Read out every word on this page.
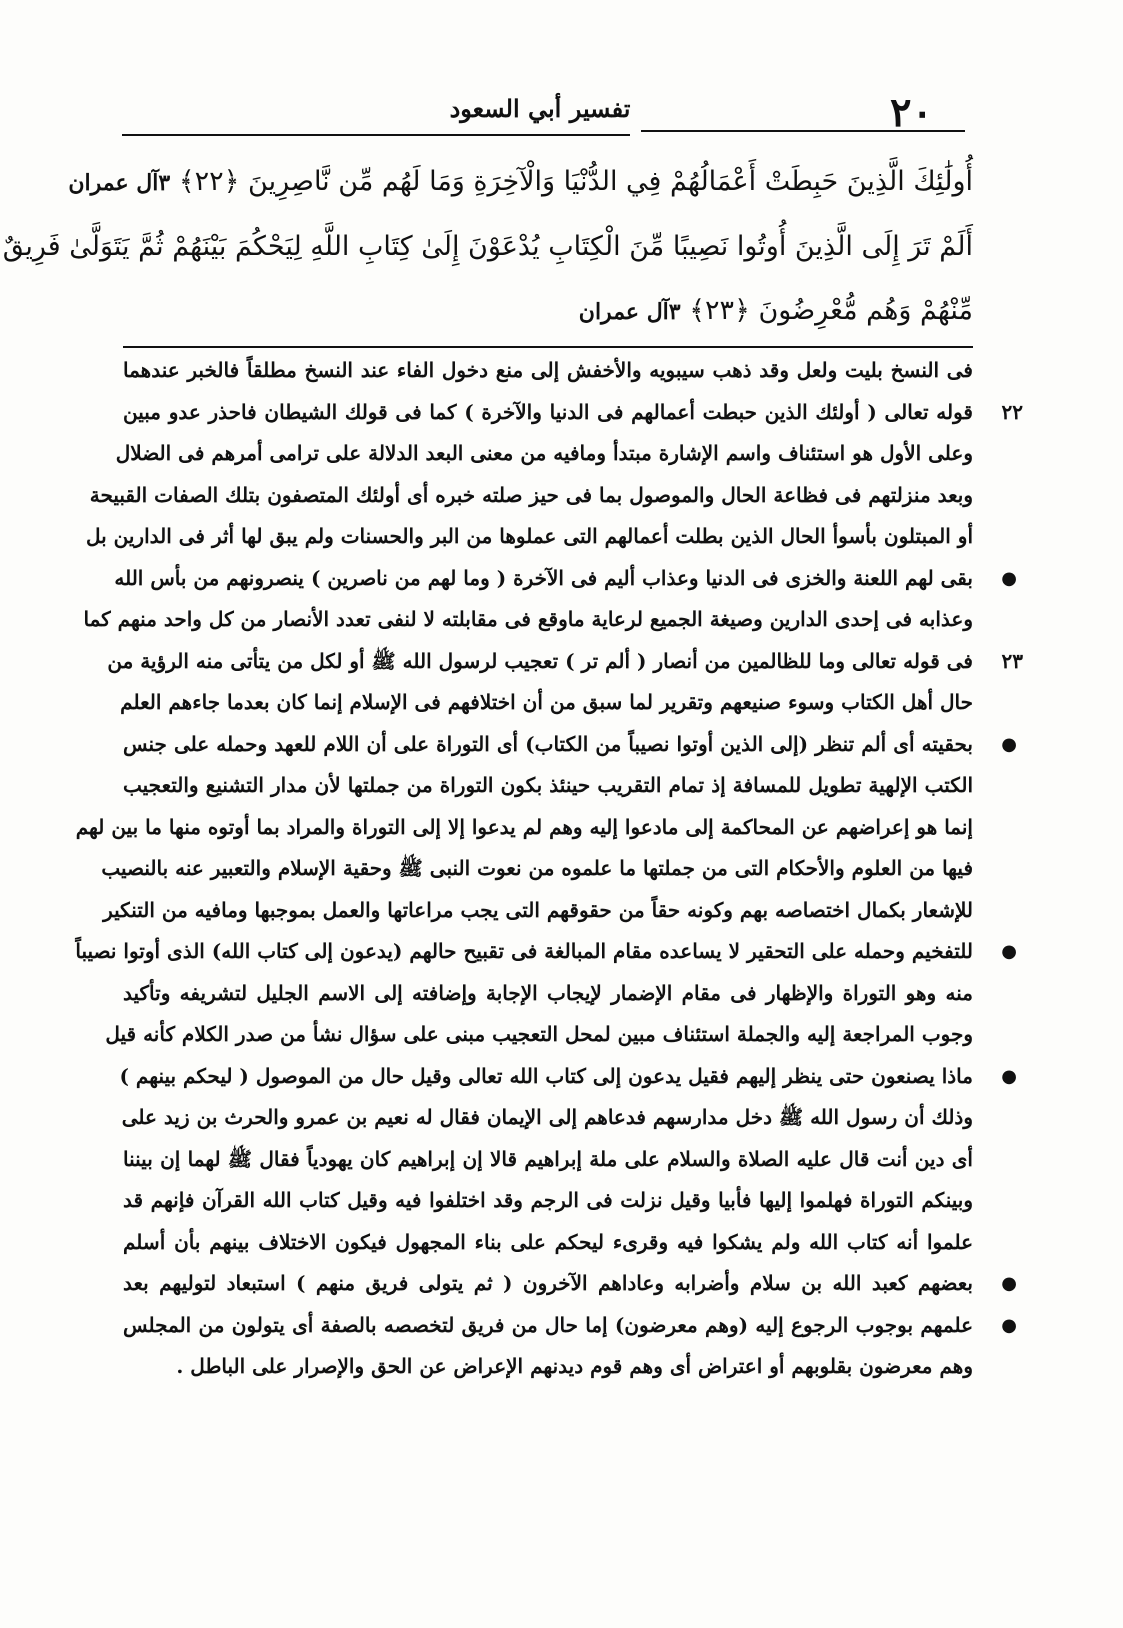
٢٠
تفسير أبي السعود
أُولَٰئِكَ الَّذِينَ حَبِطَتْ أَعْمَالُهُمْ فِي الدُّنْيَا وَالْآخِرَةِ وَمَا لَهُم مِّن نَّاصِرِينَ ﴿٢٢﴾ ٣آل عمران
أَلَمْ تَرَ إِلَى الَّذِينَ أُوتُوا نَصِيبًا مِّنَ الْكِتَابِ يُدْعَوْنَ إِلَىٰ كِتَابِ اللَّهِ لِيَحْكُمَ بَيْنَهُمْ ثُمَّ يَتَوَلَّىٰ فَرِيقٌ
مِّنْهُمْ وَهُم مُّعْرِضُونَ ﴿٢٣﴾ ٣آل عمران
فى النسخ بليت ولعل وقد ذهب سيبويه والأخفش إلى منع دخول الفاء عند النسخ مطلقاً فالخبر عندهما
٢٢
قوله تعالى ( أولئك الذين حبطت أعمالهم فى الدنيا والآخرة ) كما فى قولك الشيطان فاحذر عدو مبين
وعلى الأول هو استئناف واسم الإشارة مبتدأ ومافيه من معنى البعد الدلالة على ترامى أمرهم فى الضلال
وبعد منزلتهم فى فظاعة الحال والموصول بما فى حيز صلته خبره أى أولئك المتصفون بتلك الصفات القبيحة
أو المبتلون بأسوأ الحال الذين بطلت أعمالهم التى عملوها من البر والحسنات ولم يبق لها أثر فى الدارين بل
●
بقى لهم اللعنة والخزى فى الدنيا وعذاب أليم فى الآخرة ( وما لهم من ناصرين ) ينصرونهم من بأس الله
وعذابه فى إحدى الدارين وصيغة الجميع لرعاية ماوقع فى مقابلته لا لنفى تعدد الأنصار من كل واحد منهم كما
٢٣
فى قوله تعالى وما للظالمين من أنصار ( ألم تر ) تعجيب لرسول الله ﷺ أو لكل من يتأتى منه الرؤية من
حال أهل الكتاب وسوء صنيعهم وتقرير لما سبق من أن اختلافهم فى الإسلام إنما كان بعدما جاءهم العلم
●
بحقيته أى ألم تنظر (إلى الذين أوتوا نصيباً من الكتاب) أى التوراة على أن اللام للعهد وحمله على جنس
الكتب الإلهية تطويل للمسافة إذ تمام التقريب حينئذ بكون التوراة من جملتها لأن مدار التشنيع والتعجيب
إنما هو إعراضهم عن المحاكمة إلى مادعوا إليه وهم لم يدعوا إلا إلى التوراة والمراد بما أوتوه منها ما بين لهم
فيها من العلوم والأحكام التى من جملتها ما علموه من نعوت النبى ﷺ وحقية الإسلام والتعبير عنه بالنصيب
للإشعار بكمال اختصاصه بهم وكونه حقاً من حقوقهم التى يجب مراعاتها والعمل بموجبها ومافيه من التنكير
●
للتفخيم وحمله على التحقير لا يساعده مقام المبالغة فى تقبيح حالهم (يدعون إلى كتاب الله) الذى أوتوا نصيباً
منه وهو التوراة والإظهار فى مقام الإضمار لإيجاب الإجابة وإضافته إلى الاسم الجليل لتشريفه وتأكيد
وجوب المراجعة إليه والجملة استئناف مبين لمحل التعجيب مبنى على سؤال نشأ من صدر الكلام كأنه قيل
●
ماذا يصنعون حتى ينظر إليهم فقيل يدعون إلى كتاب الله تعالى وقيل حال من الموصول ( ليحكم بينهم )
وذلك أن رسول الله ﷺ دخل مدارسهم فدعاهم إلى الإيمان فقال له نعيم بن عمرو والحرث بن زيد على
أى دين أنت قال عليه الصلاة والسلام على ملة إبراهيم قالا إن إبراهيم كان يهودياً فقال ﷺ لهما إن بيننا
وبينكم التوراة فهلموا إليها فأبيا وقيل نزلت فى الرجم وقد اختلفوا فيه وقيل كتاب الله القرآن فإنهم قد
علموا أنه كتاب الله ولم يشكوا فيه وقرىء ليحكم على بناء المجهول فيكون الاختلاف بينهم بأن أسلم
●
بعضهم كعبد الله بن سلام وأضرابه وعاداهم الآخرون ( ثم يتولى فريق منهم ) استبعاد لتوليهم بعد
●
علمهم بوجوب الرجوع إليه (وهم معرضون) إما حال من فريق لتخصصه بالصفة أى يتولون من المجلس
وهم معرضون بقلوبهم أو اعتراض أى وهم قوم ديدنهم الإعراض عن الحق والإصرار على الباطل .
